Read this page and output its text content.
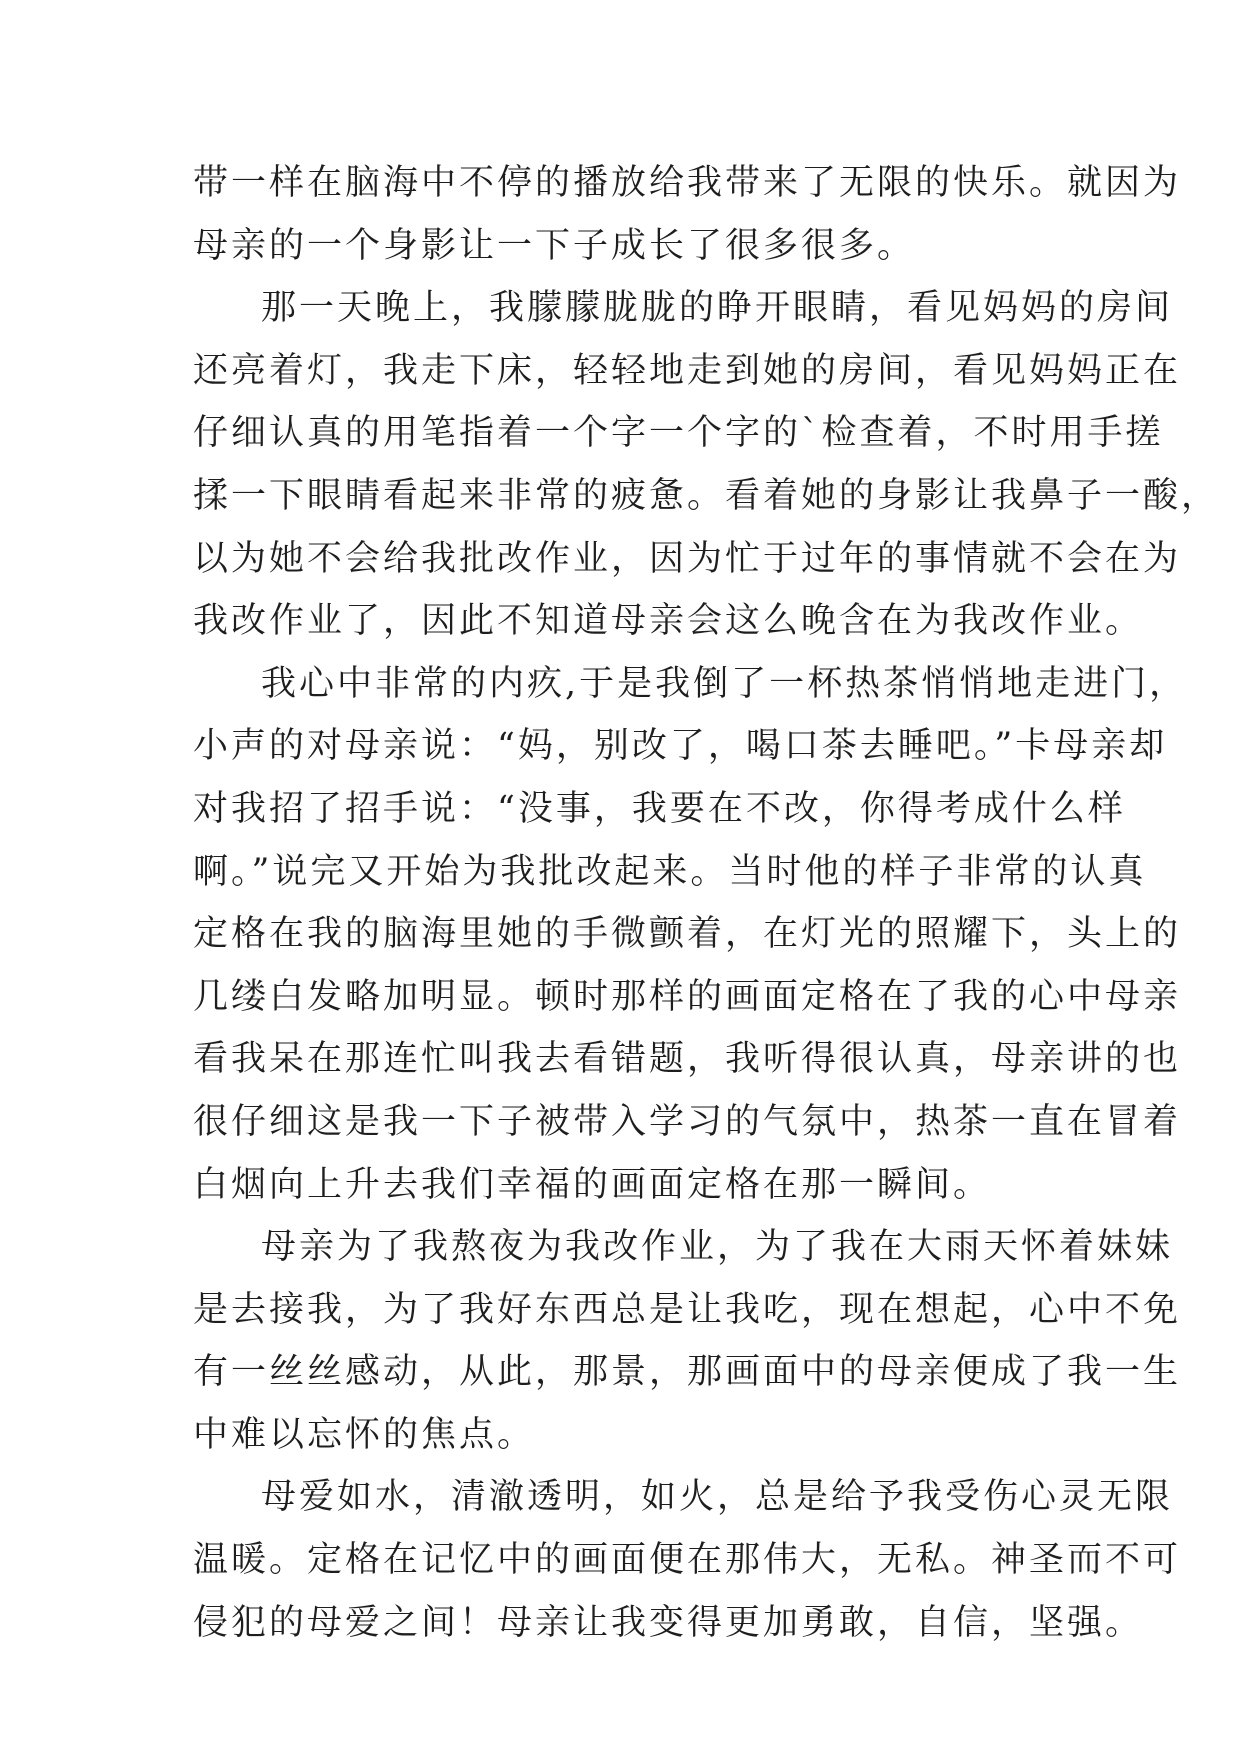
带一样在脑海中不停的播放给我带来了无限的快乐。就因为
母亲的一个身影让一下子成长了很多很多。
那一天晚上，我朦朦胧胧的睁开眼睛，看见妈妈的房间
还亮着灯，我走下床，轻轻地走到她的房间，看见妈妈正在
仔细认真的用笔指着一个字一个字的`检查着，不时用手搓
揉一下眼睛看起来非常的疲惫。看着她的身影让我鼻子一酸，
以为她不会给我批改作业，因为忙于过年的事情就不会在为
我改作业了，因此不知道母亲会这么晚含在为我改作业。
我心中非常的内疚,于是我倒了一杯热茶悄悄地走进门，
小声的对母亲说：“妈，别改了，喝口茶去睡吧。”卡母亲却
对我招了招手说：“没事，我要在不改，你得考成什么样
啊。”说完又开始为我批改起来。当时他的样子非常的认真
定格在我的脑海里她的手微颤着，在灯光的照耀下，头上的
几缕白发略加明显。顿时那样的画面定格在了我的心中母亲
看我呆在那连忙叫我去看错题，我听得很认真，母亲讲的也
很仔细这是我一下子被带入学习的气氛中，热茶一直在冒着
白烟向上升去我们幸福的画面定格在那一瞬间。
母亲为了我熬夜为我改作业，为了我在大雨天怀着妹妹
是去接我，为了我好东西总是让我吃，现在想起，心中不免
有一丝丝感动，从此，那景，那画面中的母亲便成了我一生
中难以忘怀的焦点。
母爱如水，清澈透明，如火，总是给予我受伤心灵无限
温暖。定格在记忆中的画面便在那伟大，无私。神圣而不可
侵犯的母爱之间！母亲让我变得更加勇敢，自信，坚强。
